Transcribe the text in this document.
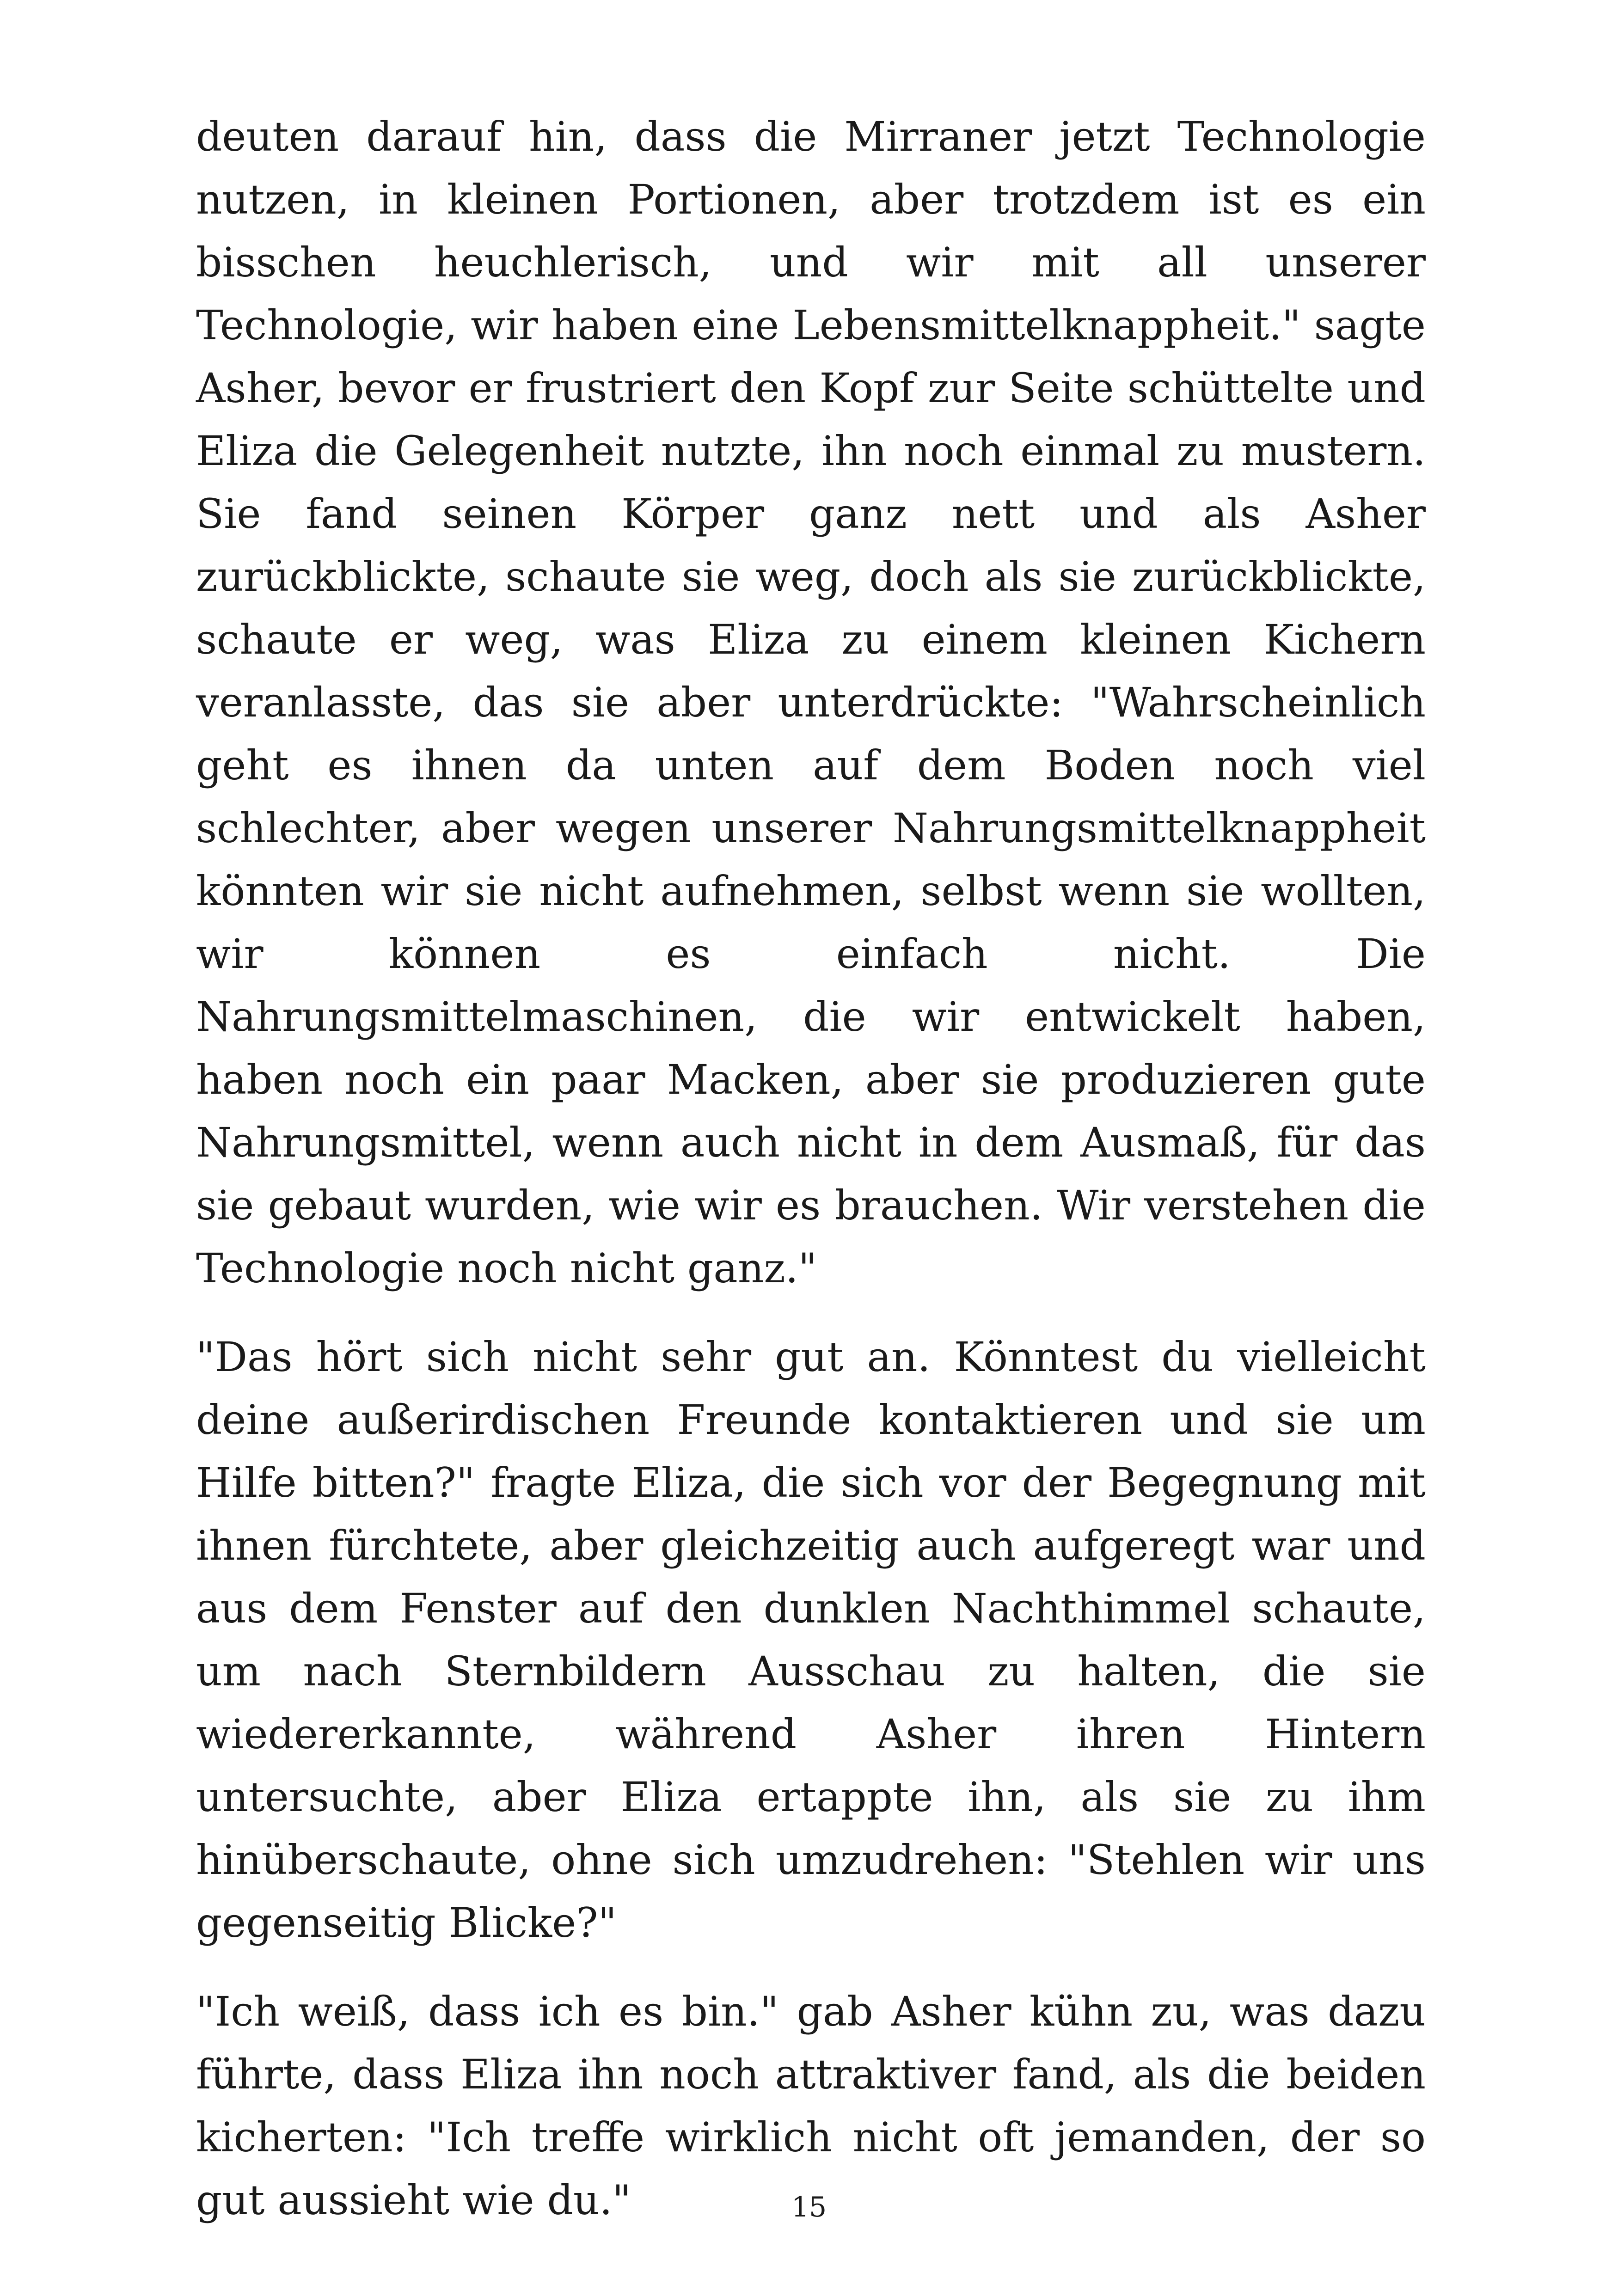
deuten darauf hin, dass die Mirraner jetzt Technologie nutzen, in kleinen Portionen, aber trotzdem ist es ein bisschen heuchlerisch, und wir mit all unserer Technologie, wir haben eine Lebensmittelknappheit." sagte Asher, bevor er frustriert den Kopf zur Seite schüttelte und Eliza die Gelegenheit nutzte, ihn noch einmal zu mustern. Sie fand seinen Körper ganz nett und als Asher zurückblickte, schaute sie weg, doch als sie zurückblickte, schaute er weg, was Eliza zu einem kleinen Kichern veranlasste, das sie aber unterdrückte: "Wahrscheinlich geht es ihnen da unten auf dem Boden noch viel schlechter, aber wegen unserer Nahrungsmittelknappheit könnten wir sie nicht aufnehmen, selbst wenn sie wollten, wir können es einfach nicht. Die Nahrungsmittelmaschinen, die wir entwickelt haben, haben noch ein paar Macken, aber sie produzieren gute Nahrungsmittel, wenn auch nicht in dem Ausmaß, für das sie gebaut wurden, wie wir es brauchen. Wir verstehen die Technologie noch nicht ganz."

"Das hört sich nicht sehr gut an. Könntest du vielleicht deine außerirdischen Freunde kontaktieren und sie um Hilfe bitten?" fragte Eliza, die sich vor der Begegnung mit ihnen fürchtete, aber gleichzeitig auch aufgeregt war und aus dem Fenster auf den dunklen Nachthimmel schaute, um nach Sternbildern Ausschau zu halten, die sie wiedererkannte, während Asher ihren Hintern untersuchte, aber Eliza ertappte ihn, als sie zu ihm hinüberschaute, ohne sich umzudrehen: "Stehlen wir uns gegenseitig Blicke?"

"Ich weiß, dass ich es bin." gab Asher kühn zu, was dazu führte, dass Eliza ihn noch attraktiver fand, als die beiden kicherten: "Ich treffe wirklich nicht oft jemanden, der so gut aussieht wie du."	15
